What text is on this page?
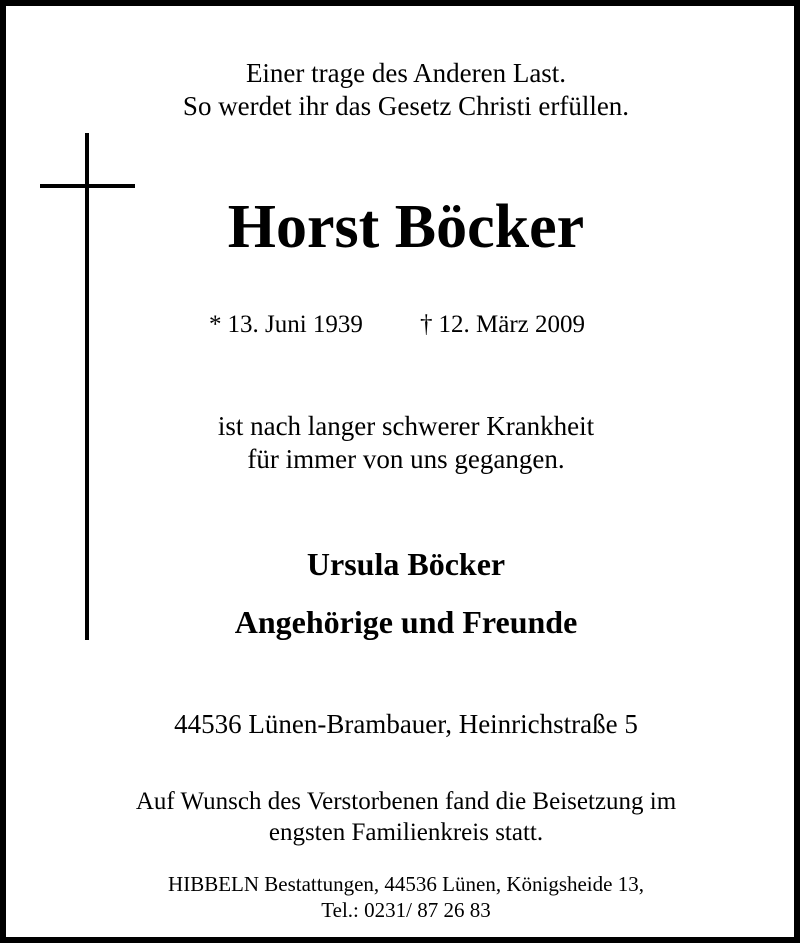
Einer trage des Anderen Last.
So werdet ihr das Gesetz Christi erfüllen.
Horst Böcker
* 13. Juni 1939 † 12. März 2009
ist nach langer schwerer Krankheit
für immer von uns gegangen.
Ursula Böcker
Angehörige und Freunde
44536 Lünen-Brambauer, Heinrichstraße 5
Auf Wunsch des Verstorbenen fand die Beisetzung im
engsten Familienkreis statt.
HIBBELN Bestattungen, 44536 Lünen, Königsheide 13,
Tel.: 0231/ 87 26 83
